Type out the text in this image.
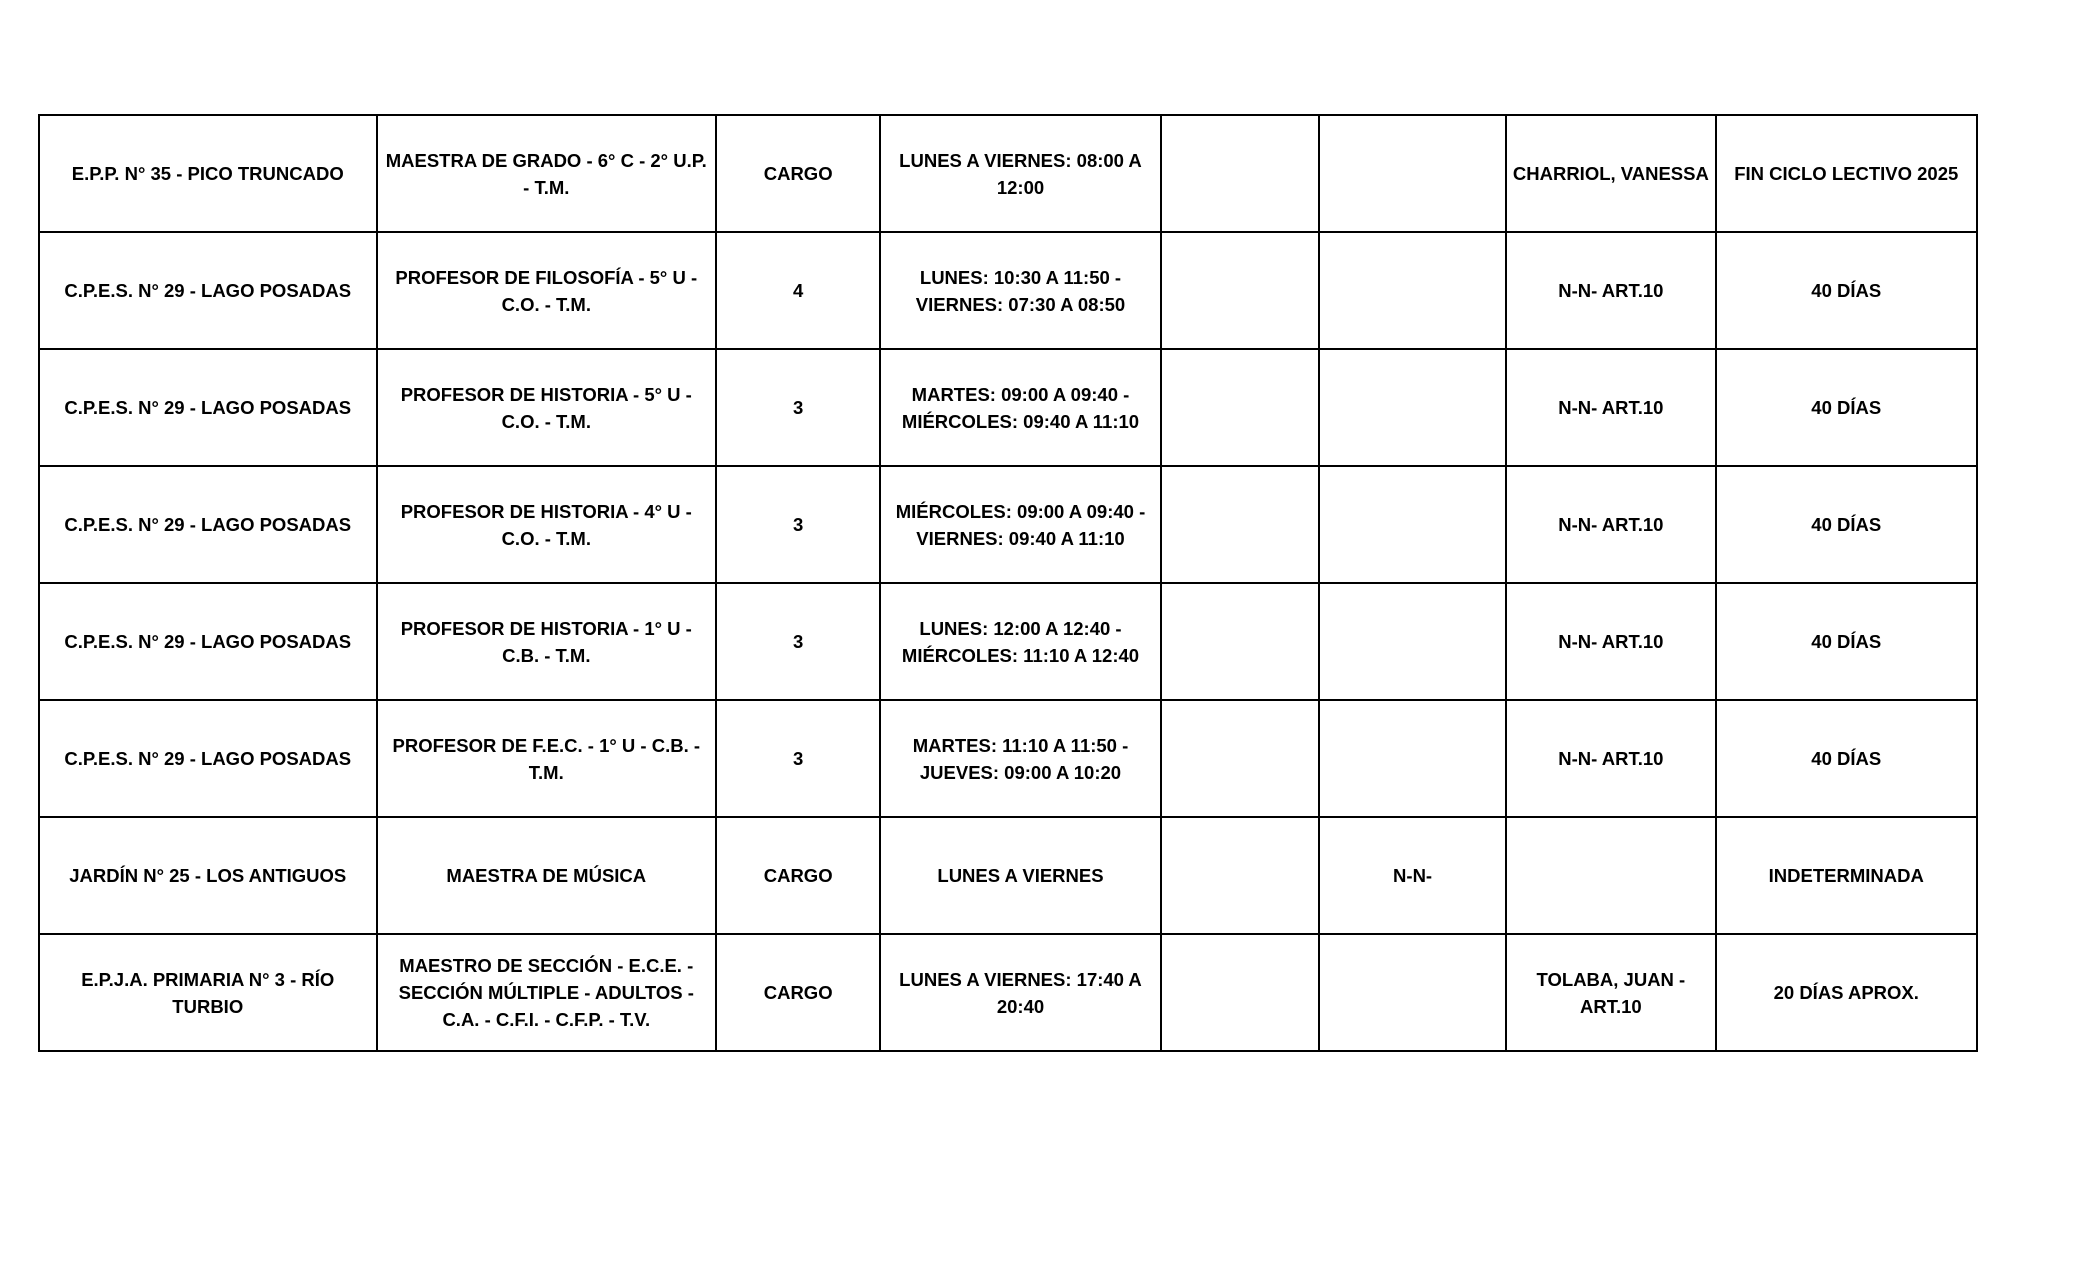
E.P.P. N° 35 - PICO TRUNCADO	MAESTRA DE GRADO - 6° C - 2° U.P. - T.M.	CARGO	LUNES A VIERNES: 08:00 A 12:00			CHARRIOL, VANESSA	FIN CICLO LECTIVO 2025
C.P.E.S. N° 29 - LAGO POSADAS	PROFESOR DE FILOSOFÍA - 5° U - C.O. - T.M.	4	LUNES: 10:30 A 11:50 - VIERNES: 07:30 A 08:50			N-N- ART.10	40 DÍAS
C.P.E.S. N° 29 - LAGO POSADAS	PROFESOR DE HISTORIA - 5° U - C.O. - T.M.	3	MARTES: 09:00 A 09:40 - MIÉRCOLES: 09:40 A 11:10			N-N- ART.10	40 DÍAS
C.P.E.S. N° 29 - LAGO POSADAS	PROFESOR DE HISTORIA - 4° U - C.O. - T.M.	3	MIÉRCOLES: 09:00 A 09:40 - VIERNES: 09:40 A 11:10			N-N- ART.10	40 DÍAS
C.P.E.S. N° 29 - LAGO POSADAS	PROFESOR DE HISTORIA - 1° U - C.B. - T.M.	3	LUNES: 12:00 A 12:40 - MIÉRCOLES: 11:10 A 12:40			N-N- ART.10	40 DÍAS
C.P.E.S. N° 29 - LAGO POSADAS	PROFESOR DE F.E.C. - 1° U - C.B. - T.M.	3	MARTES: 11:10 A 11:50 - JUEVES: 09:00 A 10:20			N-N- ART.10	40 DÍAS
JARDÍN N° 25 - LOS ANTIGUOS	MAESTRA DE MÚSICA	CARGO	LUNES A VIERNES		N-N-		INDETERMINADA
E.P.J.A. PRIMARIA N° 3 - RÍO TURBIO	MAESTRO DE SECCIÓN - E.C.E. - SECCIÓN MÚLTIPLE - ADULTOS - C.A. - C.F.I. - C.F.P. - T.V.	CARGO	LUNES A VIERNES: 17:40 A 20:40			TOLABA, JUAN - ART.10	20 DÍAS APROX.
